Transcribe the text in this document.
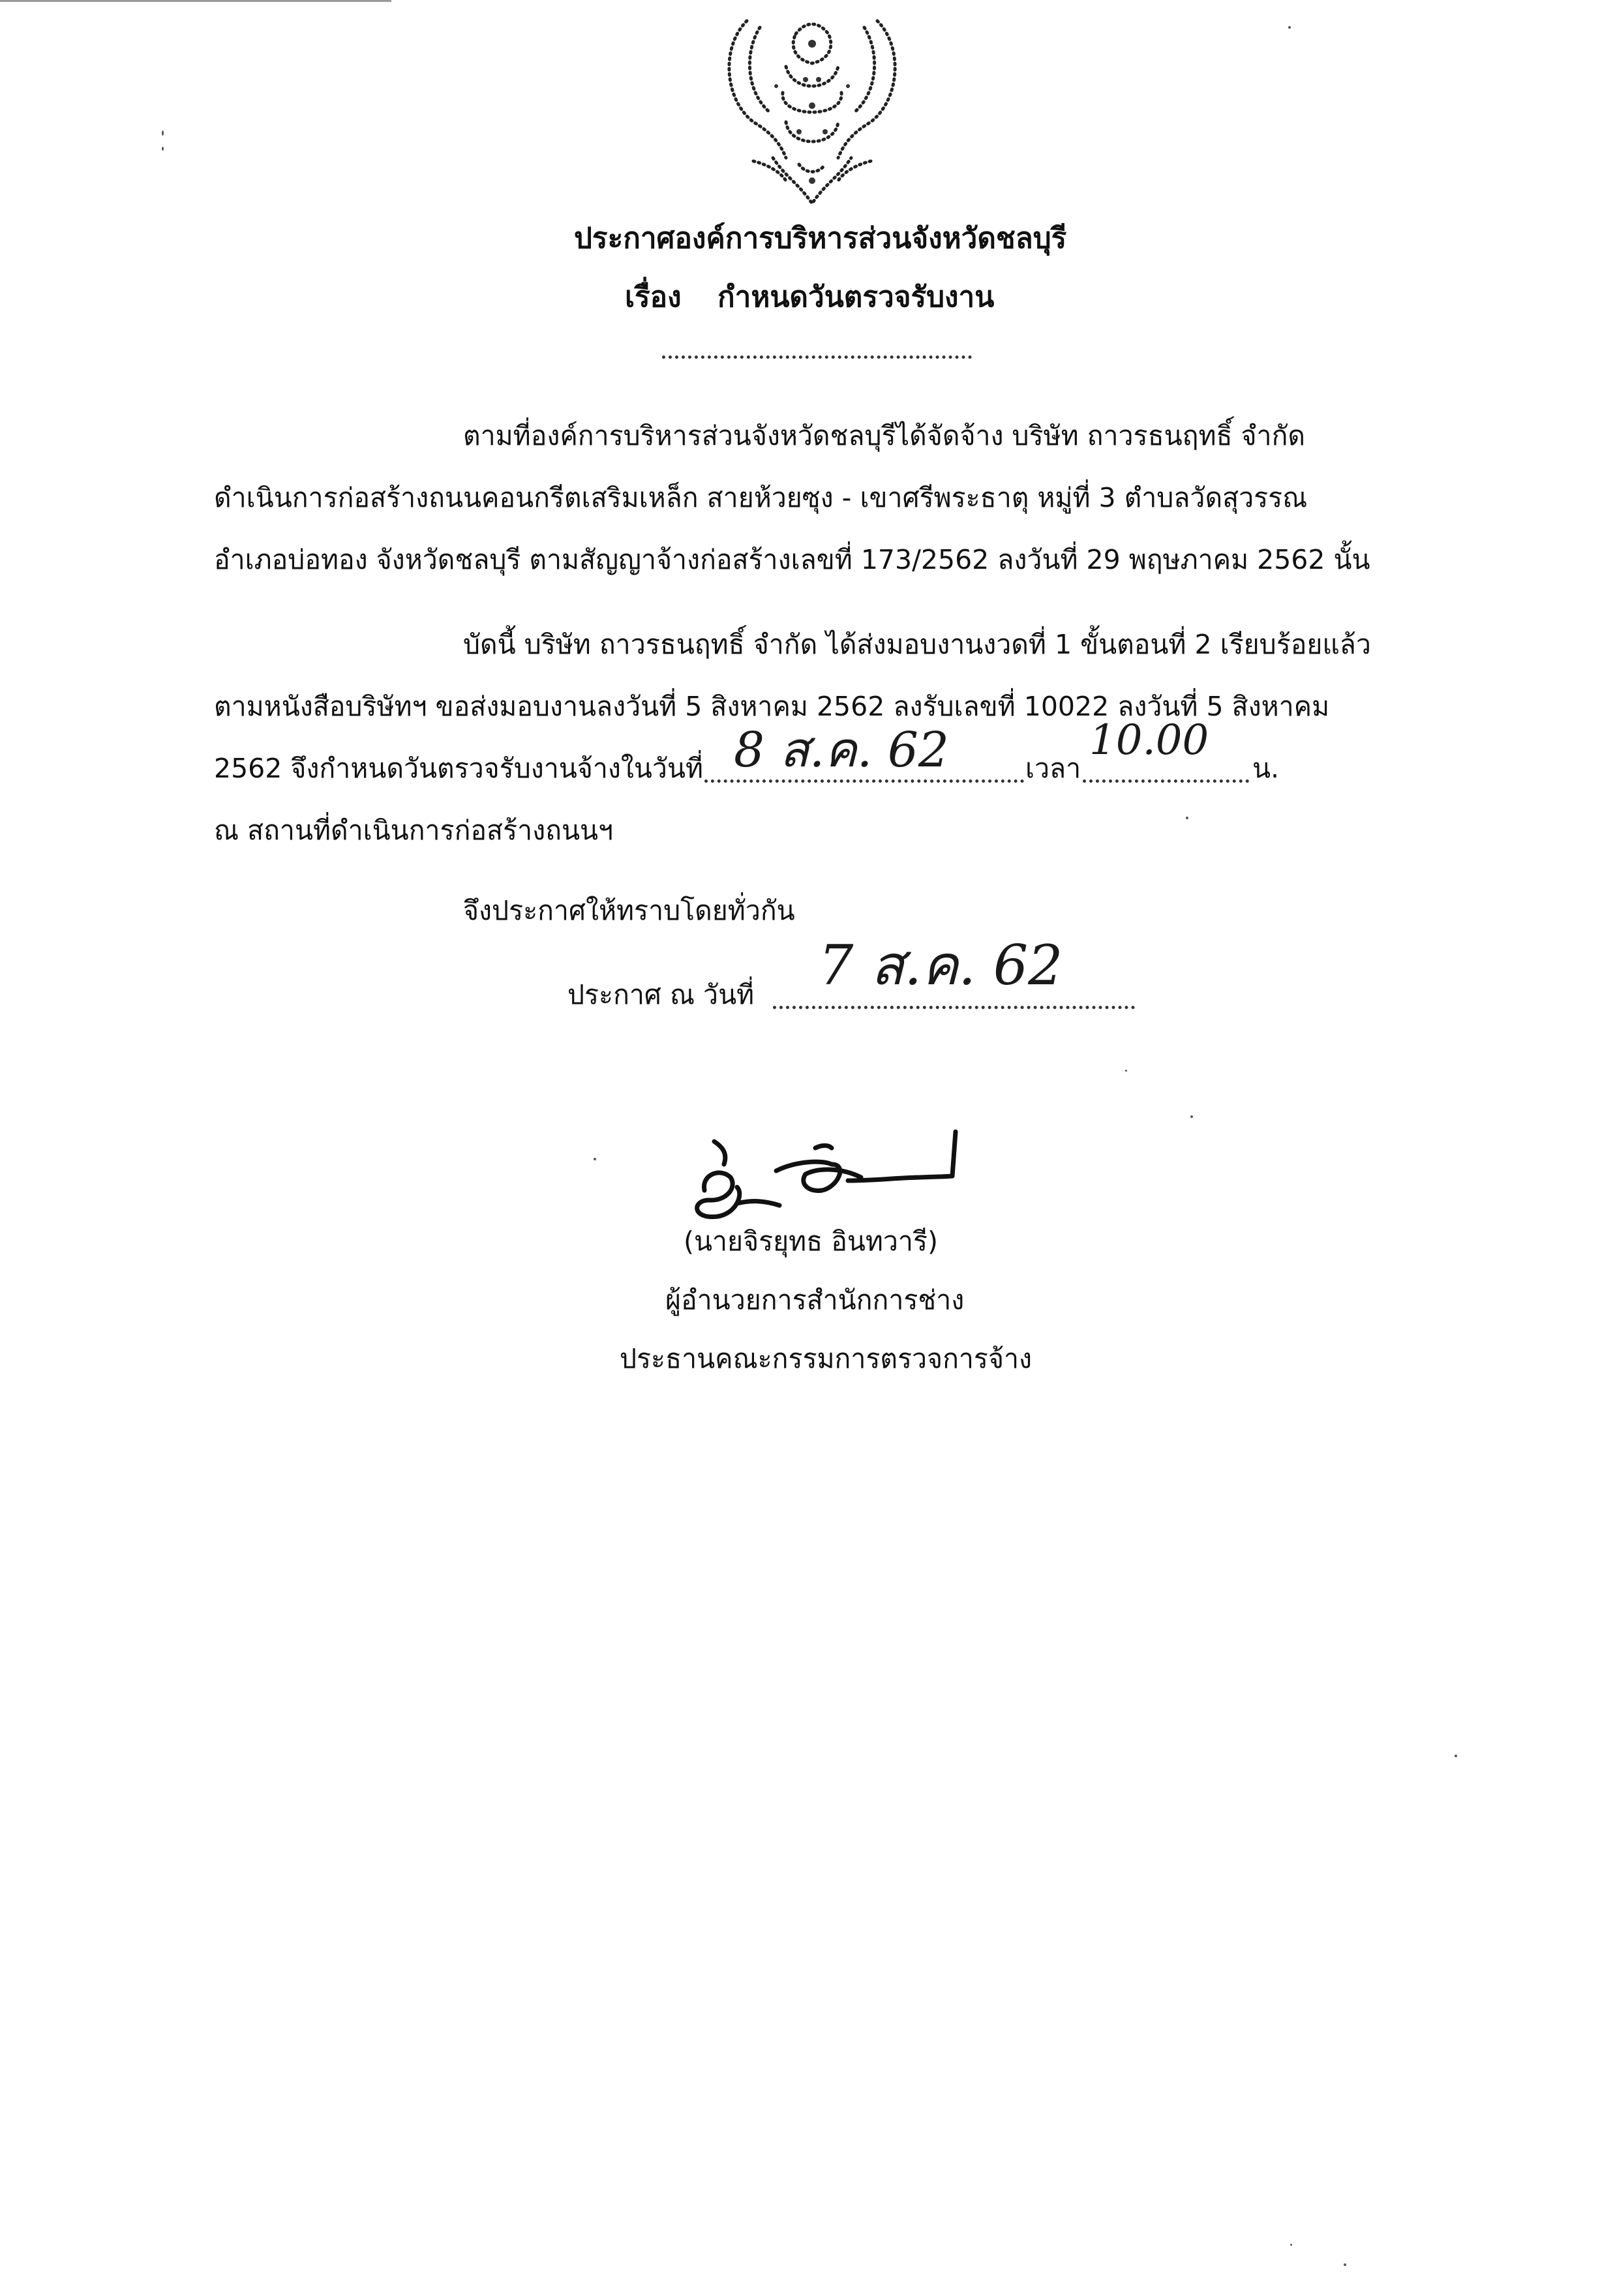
ประกาศองค์การบริหารส่วนจังหวัดชลบุรี
เรื่อง กำหนดวันตรวจรับงาน
ตามที่องค์การบริหารส่วนจังหวัดชลบุรีได้จัดจ้าง บริษัท ถาวรธนฤทธิ์ จำกัด
ดำเนินการก่อสร้างถนนคอนกรีตเสริมเหล็ก สายห้วยซุง - เขาศรีพระธาตุ หมู่ที่ 3 ตำบลวัดสุวรรณ
อำเภอบ่อทอง จังหวัดชลบุรี ตามสัญญาจ้างก่อสร้างเลขที่ 173/2562 ลงวันที่ 29 พฤษภาคม 2562 นั้น
บัดนี้ บริษัท ถาวรธนฤทธิ์ จำกัด ได้ส่งมอบงานงวดที่ 1 ขั้นตอนที่ 2 เรียบร้อยแล้ว
ตามหนังสือบริษัทฯ ขอส่งมอบงานลงวันที่ 5 สิงหาคม 2562 ลงรับเลขที่ 10022 ลงวันที่ 5 สิงหาคม
2562 จึงกำหนดวันตรวจรับงานจ้างในวันที่ 8 ส.ค. 62	เวลา
10.00
น.
ณ สถานที่ดำเนินการก่อสร้างถนนฯ
จึงประกาศให้ทราบโดยทั่วกัน
ประกาศ ณ วันที่ 7 ส.ค. 62
(นายจิรยุทธ อินทวารี)
ผู้อำนวยการสำนักการช่าง
ประธานคณะกรรมการตรวจการจ้าง
